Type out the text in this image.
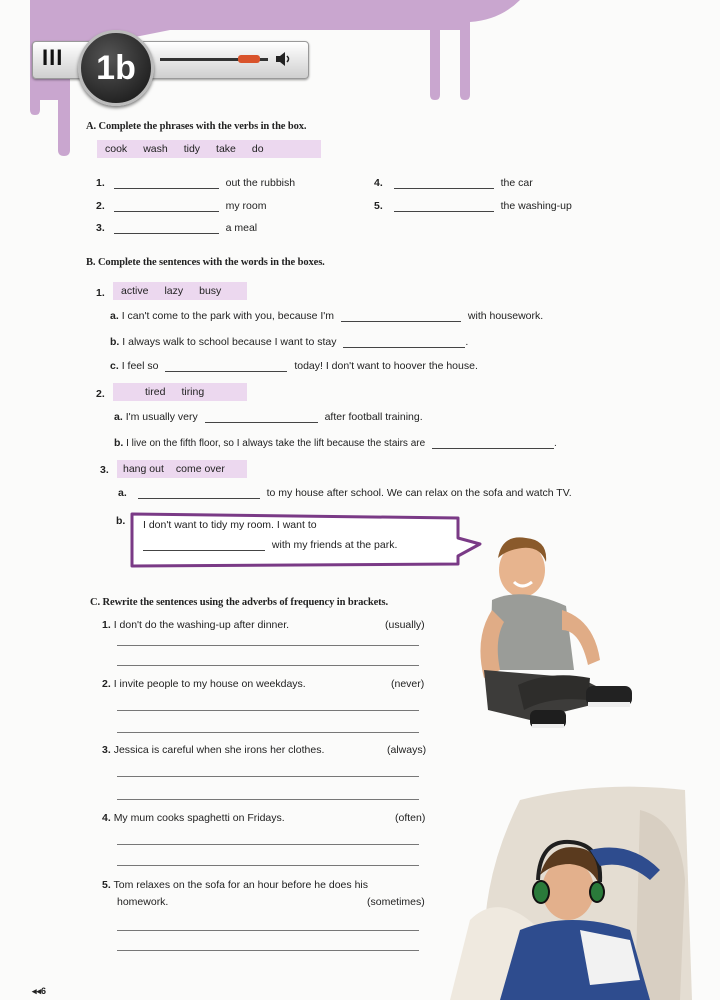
III 1b
A. Complete the phrases with the verbs in the box.
cook wash tidy take do
1.	out the rubbish
2.	my room
3.	a meal
4.	the car
5.	the washing-up
B. Complete the sentences with the words in the boxes.
1. active lazy busy
a. I can't come to the park with you, because I'm	with housework.
b. I always walk to school because I want to stay	.
c. I feel so	today! I don't want to hoover the house.
2.	tired tiring
a. I'm usually very	after football training.
b. I live on the fifth floor, so I always take the lift because the stairs are	.
3. hang out come over
a.	to my house after school. We can relax on the sofa and watch TV.
b. I don't want to tidy my room. I want to
with my friends at the park.
C. Rewrite the sentences using the adverbs of frequency in brackets.
1. I don't do the washing-up after dinner.	(usually)
2. I invite people to my house on weekdays.	(never)
3. Jessica is careful when she irons her clothes.	(always)
4. My mum cooks spaghetti on Fridays.	(often)
5. Tom relaxes on the sofa for an hour before he does his
homework.	(sometimes)
◂◂6
